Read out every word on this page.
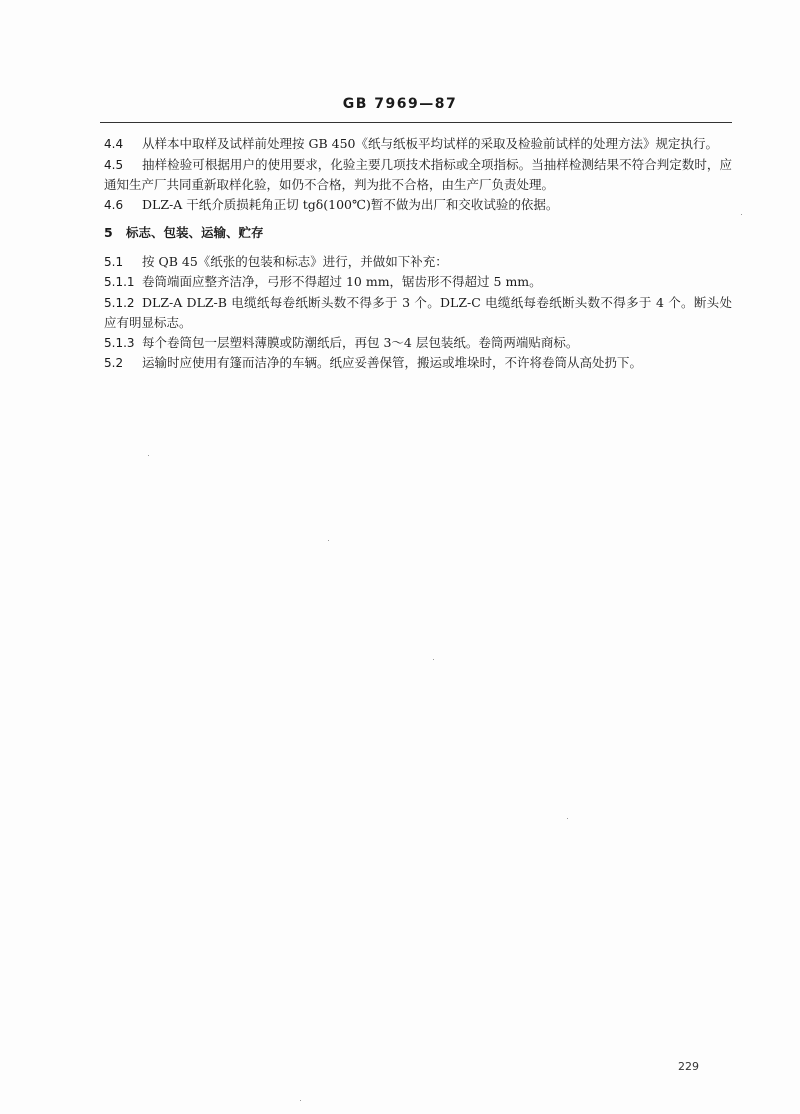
GB 7969—87

4.4 从样本中取样及试样前处理按 GB 450《纸与纸板平均试样的采取及检验前试样的处理方法》规定执行。

4.5 抽样检验可根据用户的使用要求，化验主要几项技术指标或全项指标。当抽样检测结果不符合判定数时，应通知生产厂共同重新取样化验，如仍不合格，判为批不合格，由生产厂负责处理。

4.6 DLZ-A 干纸介质损耗角正切 tgδ(100℃)暂不做为出厂和交收试验的依据。

5 标志、包装、运输、贮存

5.1 按 QB 45《纸张的包装和标志》进行，并做如下补充：

5.1.1 卷筒端面应整齐洁净，弓形不得超过 10 mm，锯齿形不得超过 5 mm。

5.1.2 DLZ-A DLZ-B 电缆纸每卷纸断头数不得多于 3 个。DLZ-C 电缆纸每卷纸断头数不得多于 4 个。断头处应有明显标志。

5.1.3 每个卷筒包一层塑料薄膜或防潮纸后，再包 3～4 层包装纸。卷筒两端贴商标。

5.2 运输时应使用有篷而洁净的车辆。纸应妥善保管，搬运或堆垛时，不许将卷筒从高处扔下。

229
